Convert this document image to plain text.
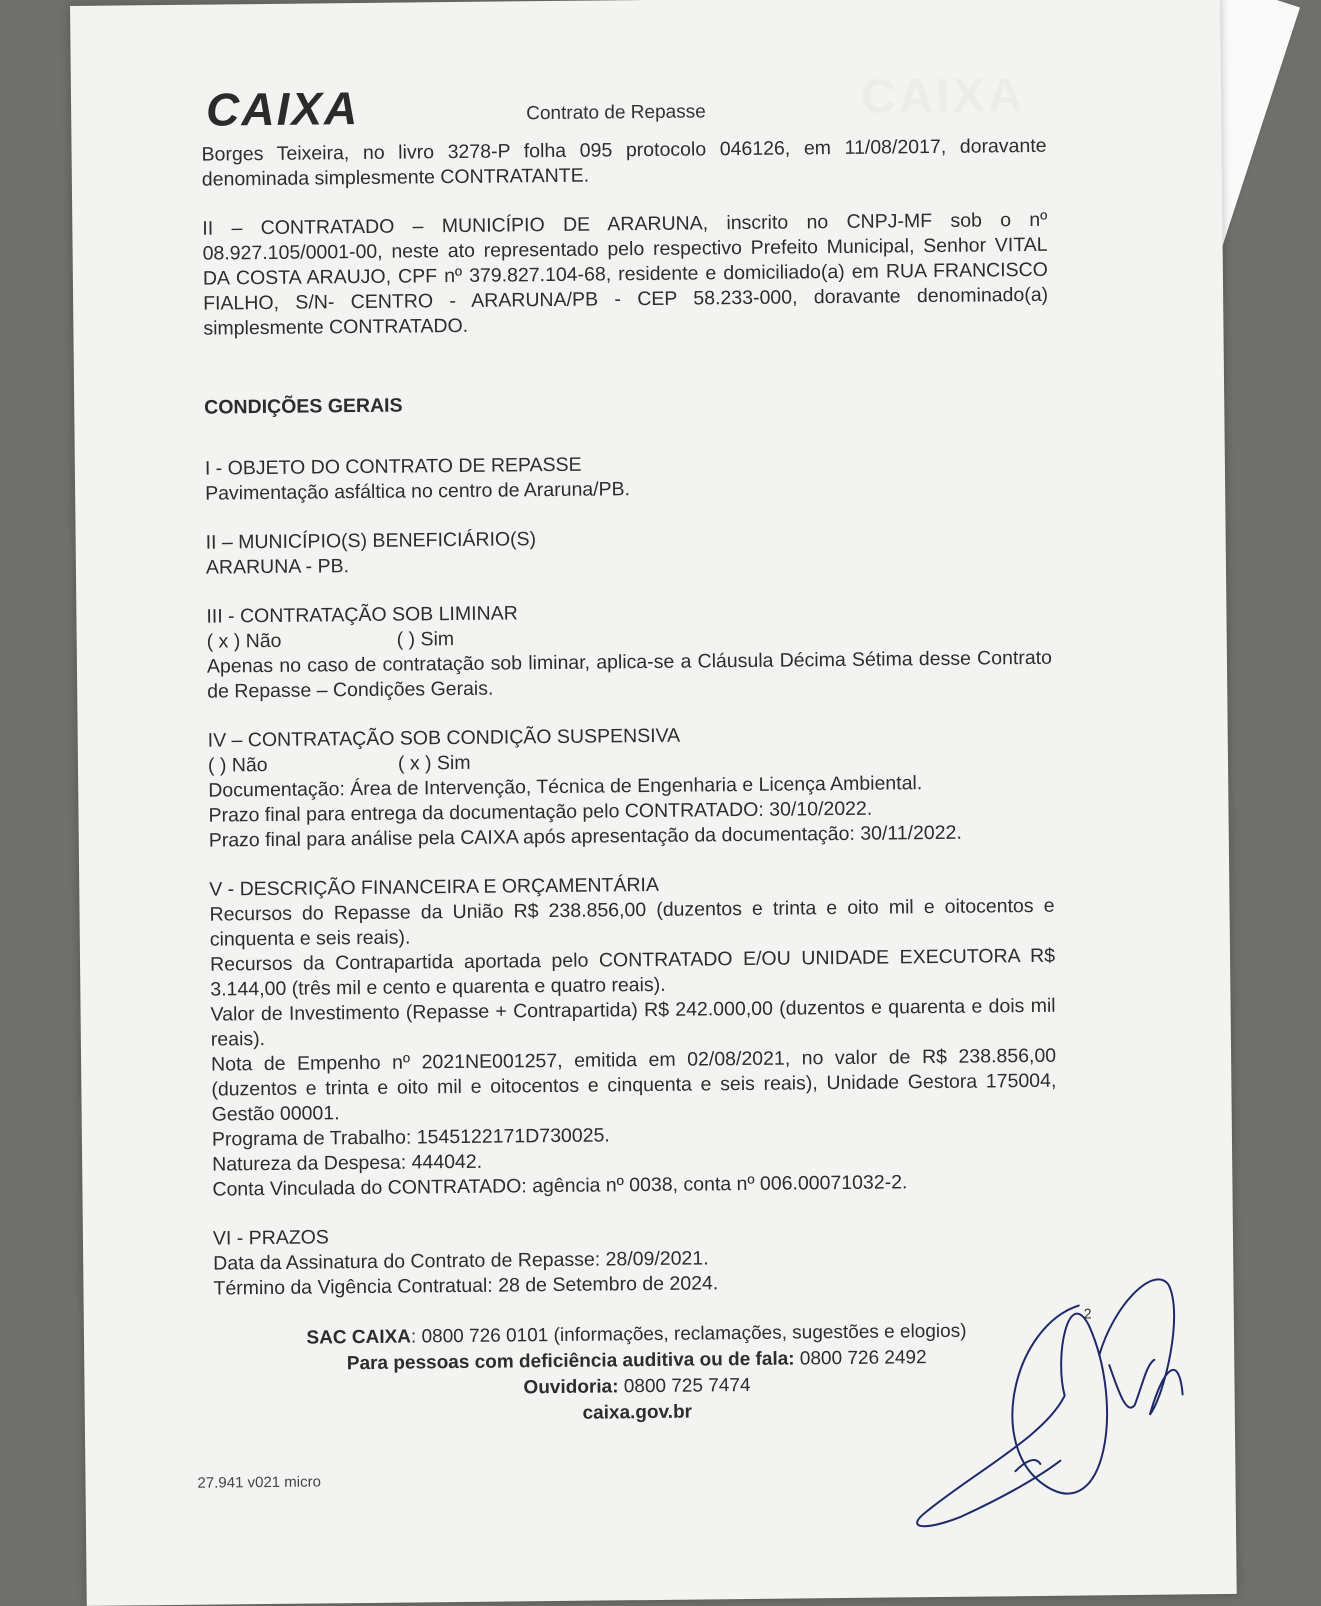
CAIXA	CAIXA
Contrato de Repasse

Borges Teixeira, no livro 3278-P folha 095 protocolo 046126, em 11/08/2017, doravante denominada simplesmente CONTRATANTE.

II – CONTRATADO – MUNICÍPIO DE ARARUNA, inscrito no CNPJ-MF sob o nº 08.927.105/0001-00, neste ato representado pelo respectivo Prefeito Municipal, Senhor VITAL DA COSTA ARAUJO, CPF nº 379.827.104-68, residente e domiciliado(a) em RUA FRANCISCO FIALHO, S/N- CENTRO - ARARUNA/PB - CEP 58.233-000, doravante denominado(a) simplesmente CONTRATADO.

CONDIÇÕES GERAIS

I - OBJETO DO CONTRATO DE REPASSE

Pavimentação asfáltica no centro de Araruna/PB.

II – MUNICÍPIO(S) BENEFICIÁRIO(S)

ARARUNA - PB.

III - CONTRATAÇÃO SOB LIMINAR

( x ) Não	( ) Sim

Apenas no caso de contratação sob liminar, aplica-se a Cláusula Décima Sétima desse Contrato de Repasse – Condições Gerais.

IV – CONTRATAÇÃO SOB CONDIÇÃO SUSPENSIVA

( ) Não	( x ) Sim

Documentação: Área de Intervenção, Técnica de Engenharia e Licença Ambiental.

Prazo final para entrega da documentação pelo CONTRATADO: 30/10/2022.

Prazo final para análise pela CAIXA após apresentação da documentação: 30/11/2022.

V - DESCRIÇÃO FINANCEIRA E ORÇAMENTÁRIA

Recursos do Repasse da União R$ 238.856,00 (duzentos e trinta e oito mil e oitocentos e cinquenta e seis reais).

Recursos da Contrapartida aportada pelo CONTRATADO E/OU UNIDADE EXECUTORA R$ 3.144,00 (três mil e cento e quarenta e quatro reais).

Valor de Investimento (Repasse + Contrapartida) R$ 242.000,00 (duzentos e quarenta e dois mil reais).

Nota de Empenho nº 2021NE001257, emitida em 02/08/2021, no valor de R$ 238.856,00 (duzentos e trinta e oito mil e oitocentos e cinquenta e seis reais), Unidade Gestora 175004, Gestão 00001.

Programa de Trabalho: 1545122171D730025.

Natureza da Despesa: 444042.

Conta Vinculada do CONTRATADO: agência nº 0038, conta nº 006.00071032-2.

VI - PRAZOS

Data da Assinatura do Contrato de Repasse: 28/09/2021.

Término da Vigência Contratual: 28 de Setembro de 2024.

SAC CAIXA: 0800 726 0101 (informações, reclamações, sugestões e elogios)
Para pessoas com deficiência auditiva ou de fala: 0800 726 2492
Ouvidoria: 0800 725 7474
caixa.gov.br
27.941 v021 micro
2
